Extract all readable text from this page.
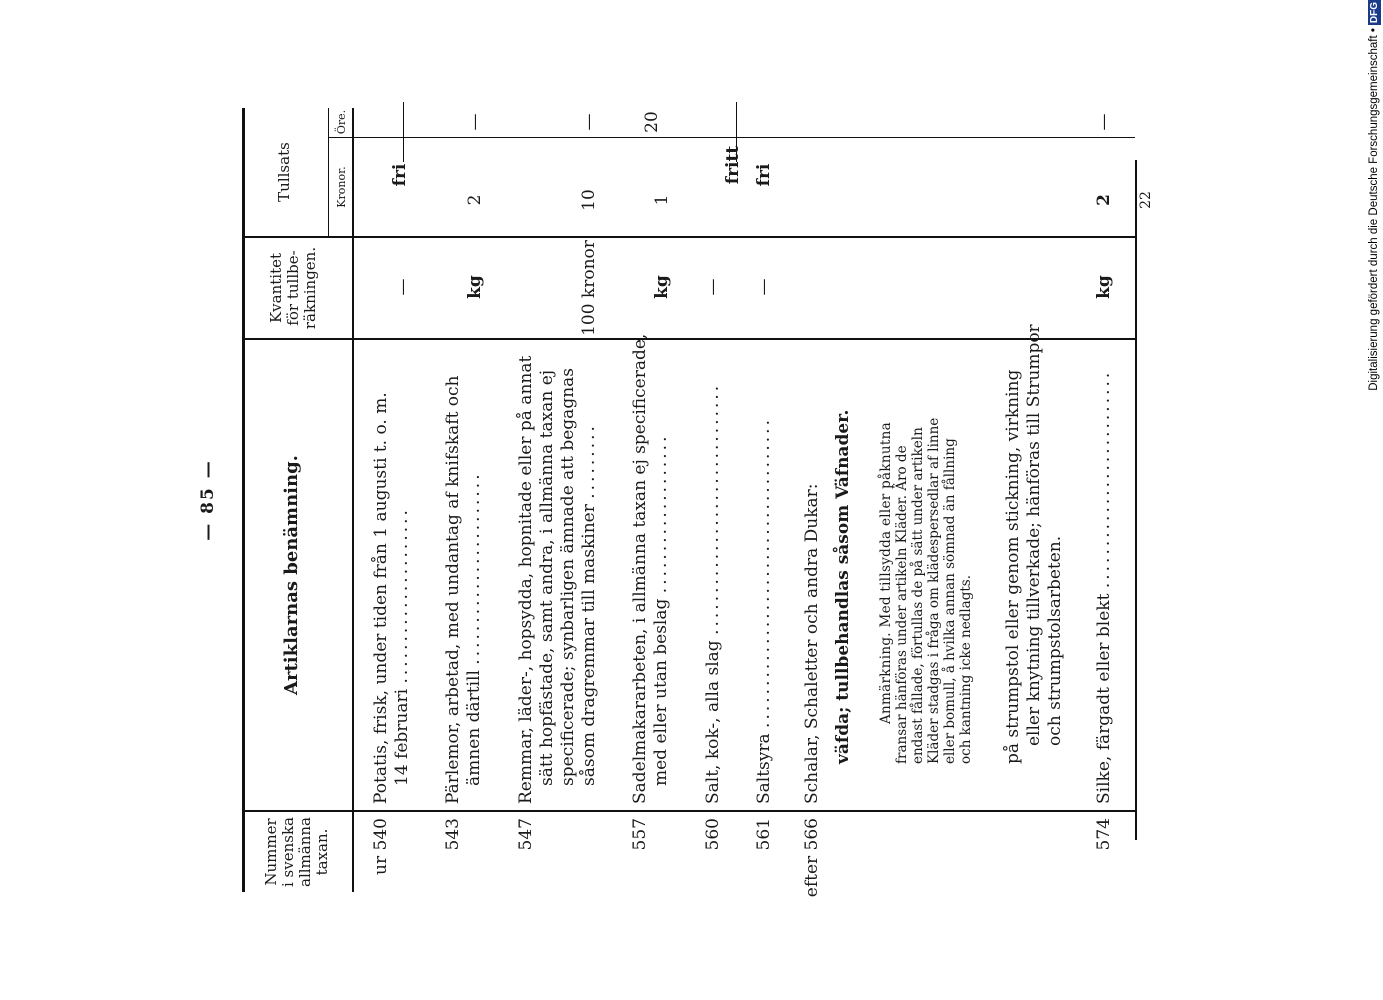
— 85 —
Nummer i svenska allmänna taxan.
Artiklarnas benämning.
Kvantitet för tullbe- räkningen.
Tullsats	Kronor.
Öre.
ur 540
Potatis, frisk, under tiden från 1 augusti t. o. m. 14 februari .....................
—
fri
543
Pärlemor, arbetad, med undantag af knifskaft och ämnen därtill .......................
kg
2
—
547
Remmar, läder-, hopsydda, hopnitade eller på annat sätt hopfästade, samt andra, i allmänna taxan ej specificerade; synbarligen ämnade att begagnas såsom dragremmar till maskiner .........
100 kronor
10
—
557
Sadelmakararbeten, i allmänna taxan ej specificerade, med eller utan beslag ...................
kg
1
20
560
Salt, kok-, alla slag ..............................
—
fritt
561
Saltsyra .....................................
—
fri
efter 566
Schalar, Schaletter och andra Dukar: väfda; tullbehandlas såsom Väfnader. Anmärkning. Med tillsydda eller påknutna fransar hänföras under artikeln Kläder. Äro de endast fållade, förtullas de på sätt under artikeln Kläder stadgas i fråga om klädespersedlar af linne eller bomull, å hvilka annan sömnad än fållning och kantning icke nedlagts. på strumpstol eller genom stickning, virkning eller knytning tillverkade; hänföras till Strumpor och strumpstolsarbeten.
574
Silke, färgadt eller blekt ..........................
kg
2
—
22	Digitalisierung gefördert durch die Deutsche Forschungsgemeinschaft •DFG
